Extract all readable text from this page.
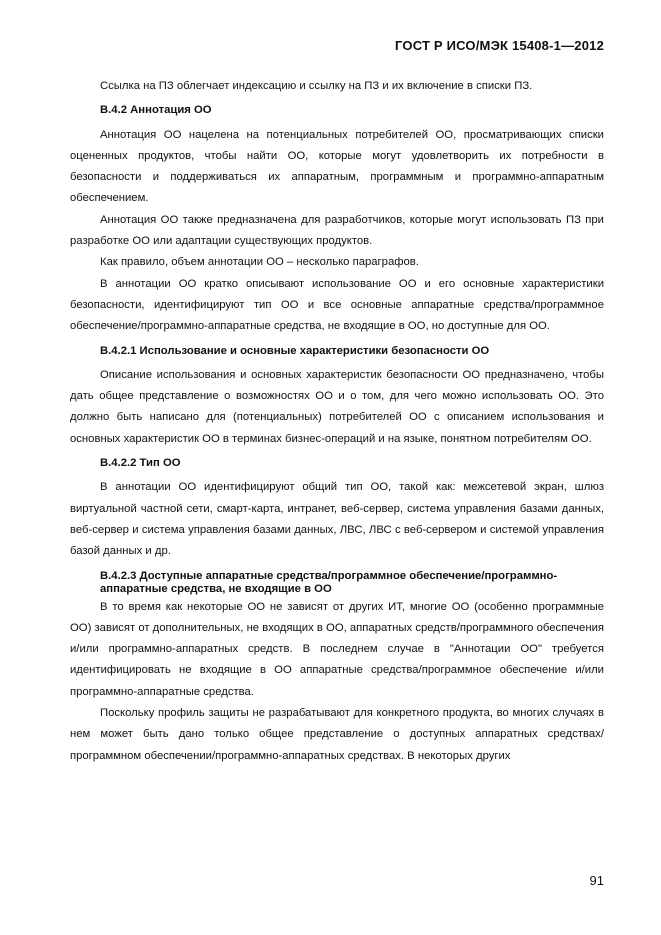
ГОСТ Р ИСО/МЭК 15408-1—2012

Ссылка на ПЗ облегчает индексацию и ссылку на ПЗ и их включение в списки ПЗ.

В.4.2 Аннотация ОО

Аннотация ОО нацелена на потенциальных потребителей ОО, просматривающих списки оцененных продуктов, чтобы найти ОО, которые могут удовлетворить их потребности в безопасности и поддерживаться их аппаратным, программным и программно-аппаратным обеспечением.

Аннотация ОО также предназначена для разработчиков, которые могут использовать ПЗ при разработке ОО или адаптации существующих продуктов.

Как правило, объем аннотации ОО – несколько параграфов.

В аннотации ОО кратко описывают использование ОО и его основные характеристики безопасности, идентифицируют тип ОО и все основные аппаратные средства/программное обеспечение/программно-аппаратные средства, не входящие в ОО, но доступные для ОО.

В.4.2.1 Использование и основные характеристики безопасности ОО

Описание использования и основных характеристик безопасности ОО предназначено, чтобы дать общее представление о возможностях ОО и о том, для чего можно использовать ОО. Это должно быть написано для (потенциальных) потребителей ОО с описанием использования и основных характеристик ОО в терминах бизнес-операций и на языке, понятном потребителям ОО.

В.4.2.2 Тип ОО

В аннотации ОО идентифицируют общий тип ОО, такой как: межсетевой экран, шлюз виртуальной частной сети, смарт-карта, интранет, веб-сервер, система управления базами данных, веб-сервер и система управления базами данных, ЛВС, ЛВС с веб-сервером и системой управления базой данных и др.

В.4.2.3 Доступные аппаратные средства/программное обеспечение/программно-аппаратные средства, не входящие в ОО

В то время как некоторые ОО не зависят от других ИТ, многие ОО (особенно программные ОО) зависят от дополнительных, не входящих в ОО, аппаратных средств/программного обеспечения и/или программно-аппаратных средств. В последнем случае в "Аннотации ОО" требуется идентифицировать не входящие в ОО аппаратные средства/программное обеспечение и/или программно-аппаратные средства.

Поскольку профиль защиты не разрабатывают для конкретного продукта, во многих случаях в нем может быть дано только общее представление о доступных аппаратных средствах/программном обеспечении/программно-аппаратных средствах. В некоторых других

91
